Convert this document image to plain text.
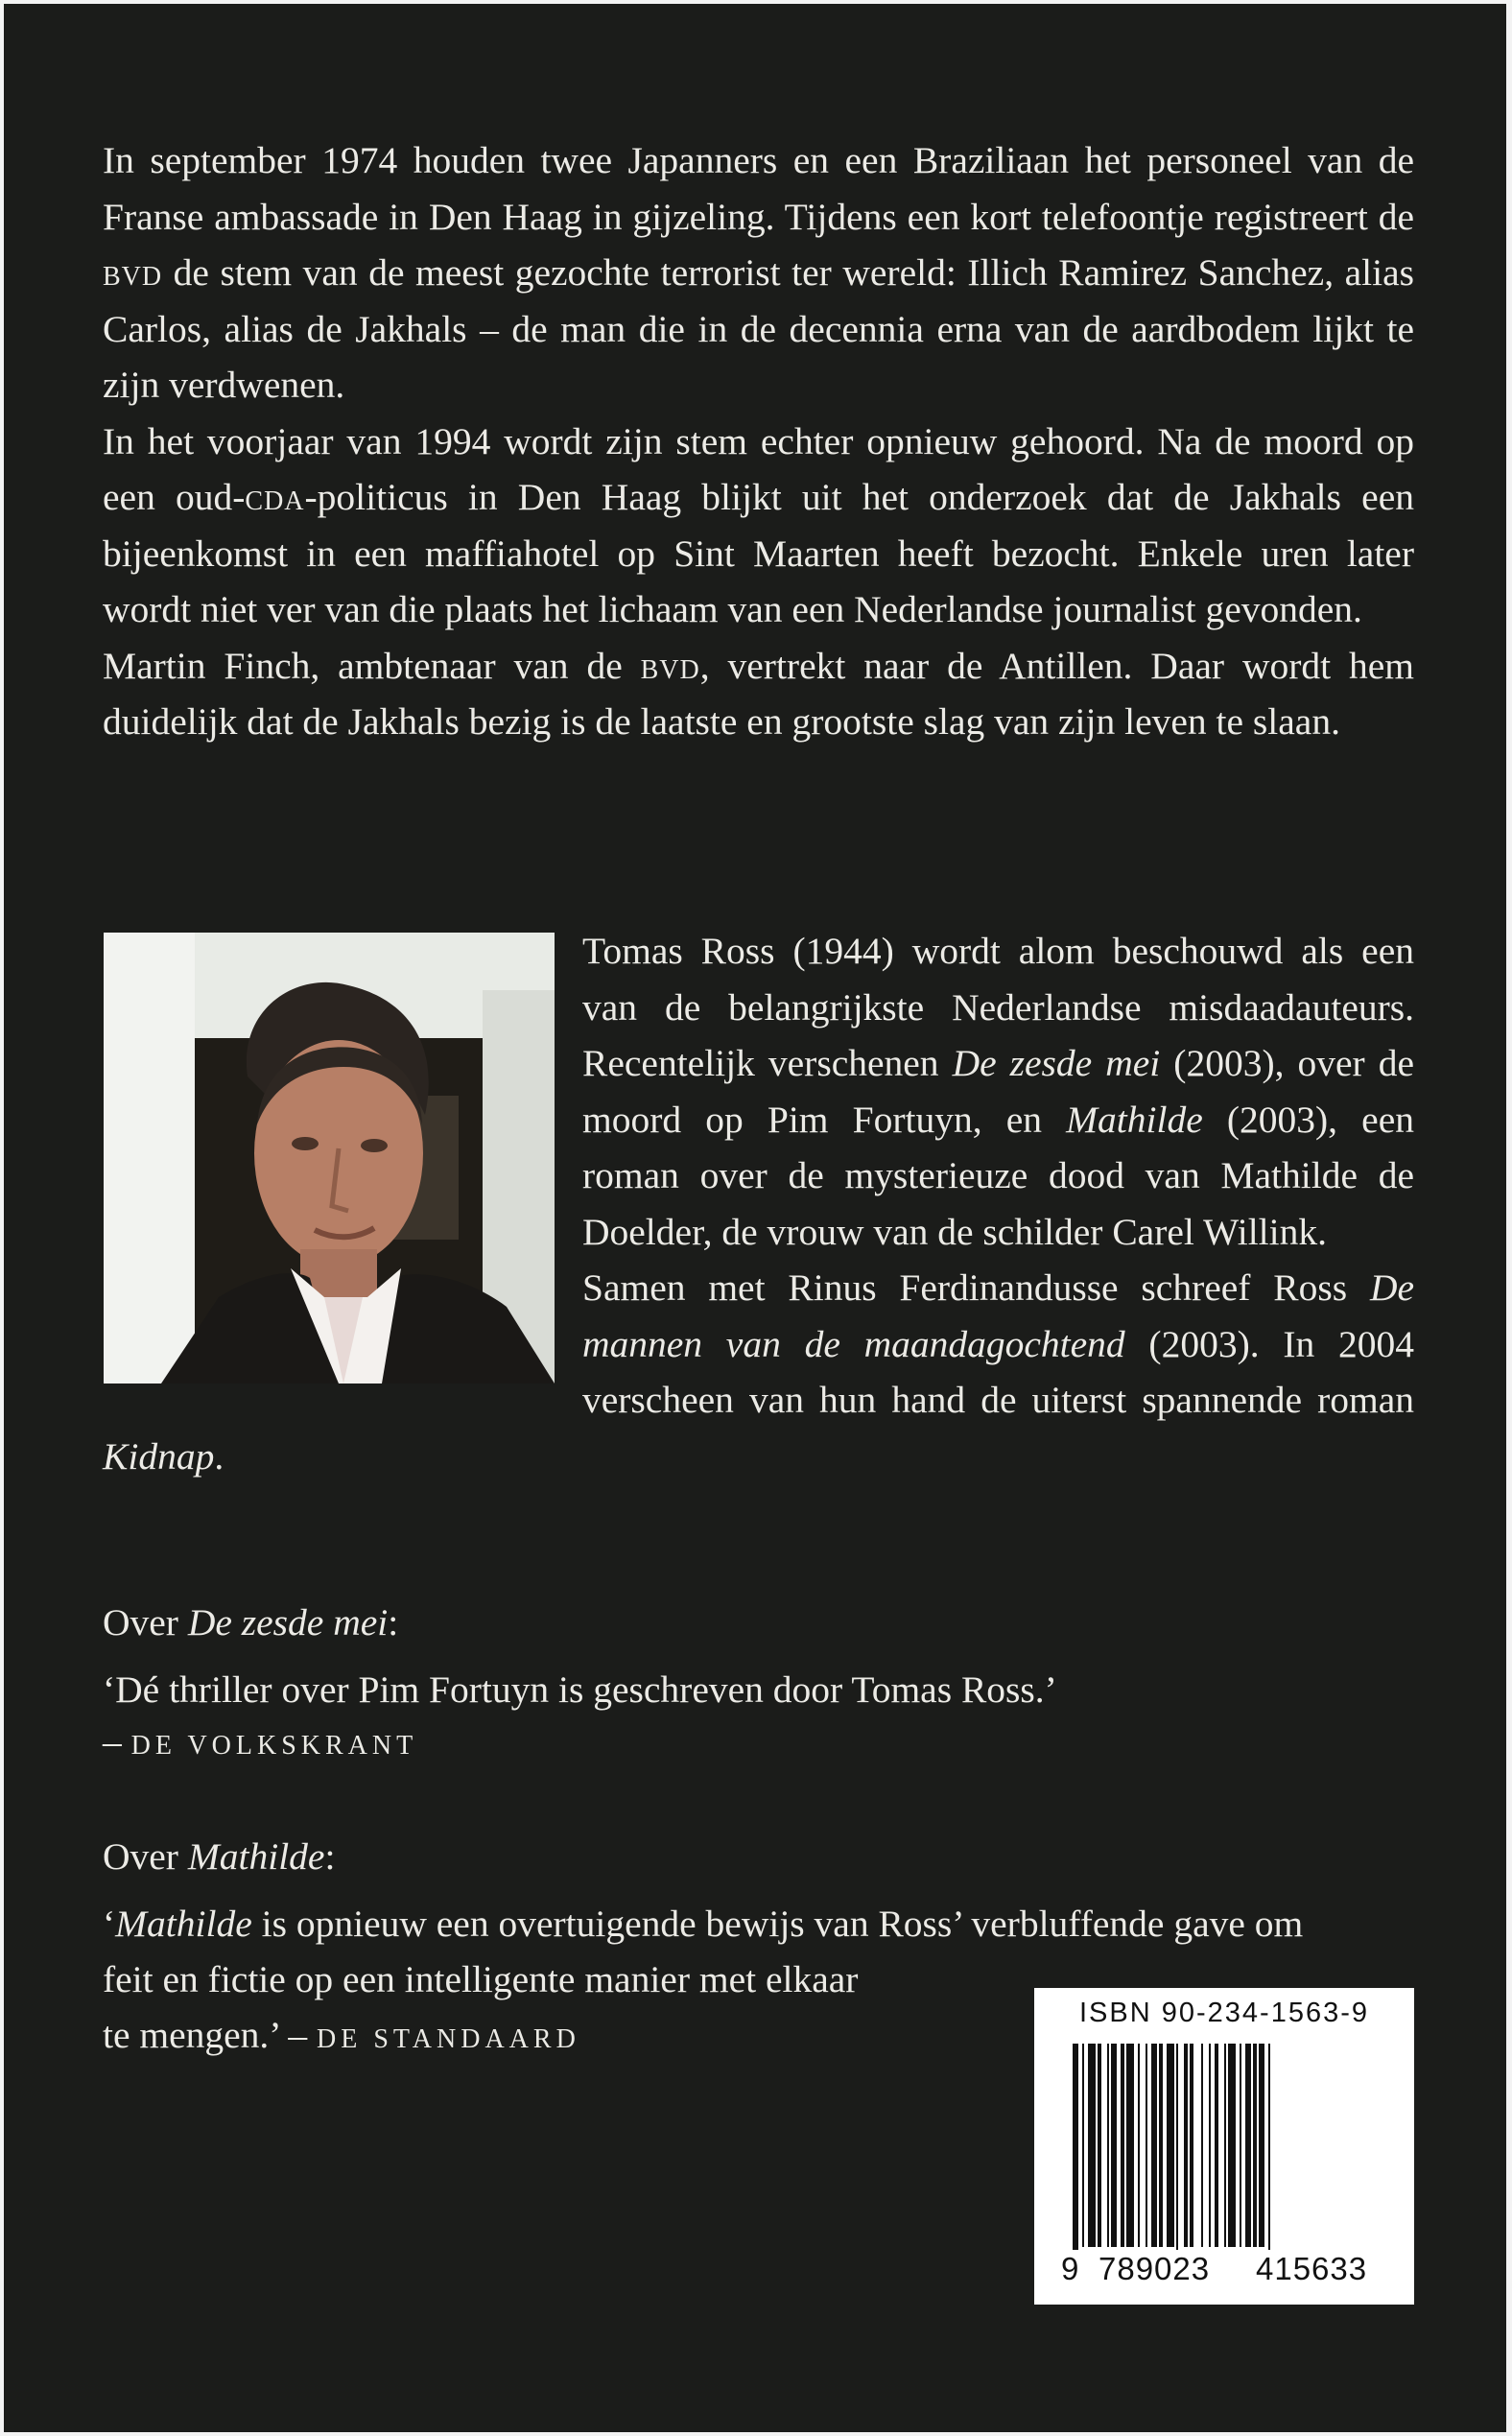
In september 1974 houden twee Japanners en een Braziliaan het personeel van de Franse ambassade in Den Haag in gijzeling. Tijdens een kort telefoontje registreert de bvd de stem van de meest gezochte terrorist ter wereld: Illich Ramirez Sanchez, alias Carlos, alias de Jakhals – de man die in de decennia erna van de aardbodem lijkt te zijn verdwenen.

In het voorjaar van 1994 wordt zijn stem echter opnieuw gehoord. Na de moord op een oud-cda-politicus in Den Haag blijkt uit het onderzoek dat de Jakhals een bijeenkomst in een maffiahotel op Sint Maarten heeft bezocht. Enkele uren later wordt niet ver van die plaats het lichaam van een Nederlandse journalist gevonden.

Martin Finch, ambtenaar van de bvd, vertrekt naar de Antillen. Daar wordt hem duidelijk dat de Jakhals bezig is de laatste en grootste slag van zijn leven te slaan.

Tomas Ross (1944) wordt alom beschouwd als een van de belangrijkste Nederlandse misdaadauteurs. Recentelijk verschenen De zesde mei (2003), over de moord op Pim Fortuyn, en Mathilde (2003), een roman over de mysterieuze dood van Mathilde de Doelder, de vrouw van de schilder Carel Willink.

Samen met Rinus Ferdinandusse schreef Ross De mannen van de maandagochtend (2003). In 2004 verscheen van hun hand de uiterst spannende roman Kidnap.

Over De zesde mei:

‘Dé thriller over Pim Fortuyn is geschreven door Tomas Ross.’

– DE VOLKSKRANT

Over Mathilde:

‘Mathilde is opnieuw een overtuigende bewijs van Ross’ verbluffende gave om

feit en fictie op een intelligente manier met elkaar

te mengen.’ – DE STANDAARD

ISBN 90-234-1563-9
9 789023 415633
